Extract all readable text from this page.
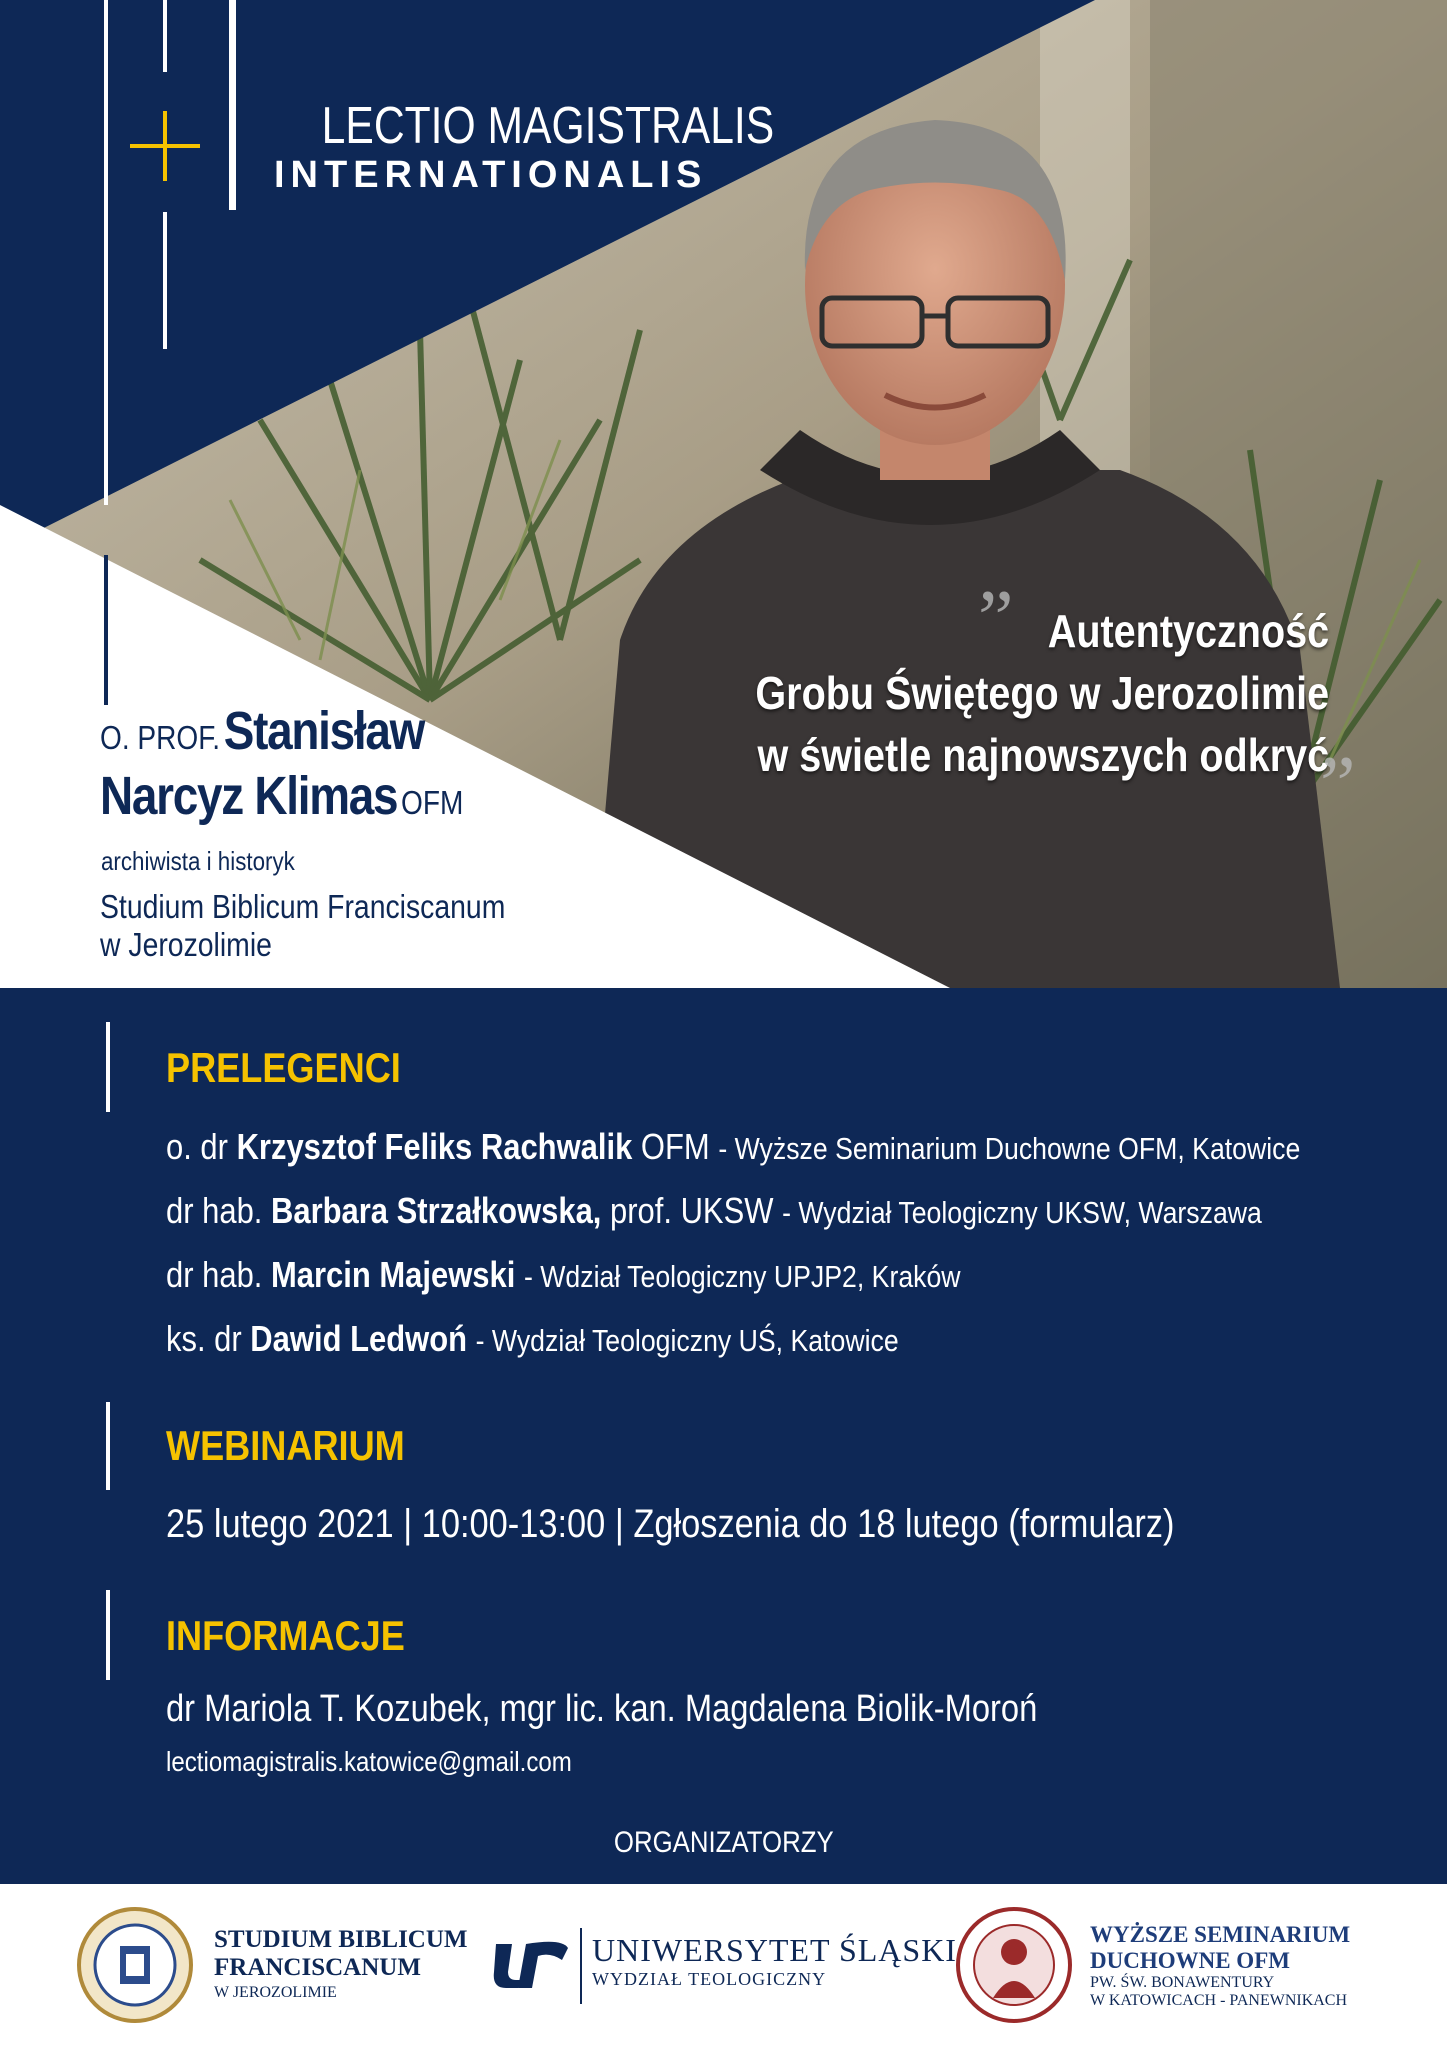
LECTIO MAGISTRALIS
INTERNATIONALIS
O. PROF. Stanisław
Narcyz Klimas OFM
archiwista i historyk
Studium Biblicum Franciscanum
w Jerozolimie
” Autentyczność
Grobu Świętego w Jerozolimie
w świetle najnowszych odkryć
”
PRELEGENCI
o. dr Krzysztof Feliks Rachwalik OFM - Wyższe Seminarium Duchowne OFM, Katowice
dr hab. Barbara Strzałkowska, prof. UKSW - Wydział Teologiczny UKSW, Warszawa
dr hab. Marcin Majewski - Wdział Teologiczny UPJP2, Kraków
ks. dr Dawid Ledwoń - Wydział Teologiczny UŚ, Katowice
WEBINARIUM
25 lutego 2021 | 10:00-13:00 | Zgłoszenia do 18 lutego (formularz)
INFORMACJE
dr Mariola T. Kozubek, mgr lic. kan. Magdalena Biolik-Moroń
lectiomagistralis.katowice@gmail.com
ORGANIZATORZY
STUDIUM BIBLICUM
FRANCISCANUM
W JEROZOLIMIE
UNIWERSYTET ŚLĄSKI
WYDZIAŁ TEOLOGICZNY
WYŻSZE SEMINARIUM
DUCHOWNE OFM
PW. ŚW. BONAWENTURY
W KATOWICACH - PANEWNIKACH
